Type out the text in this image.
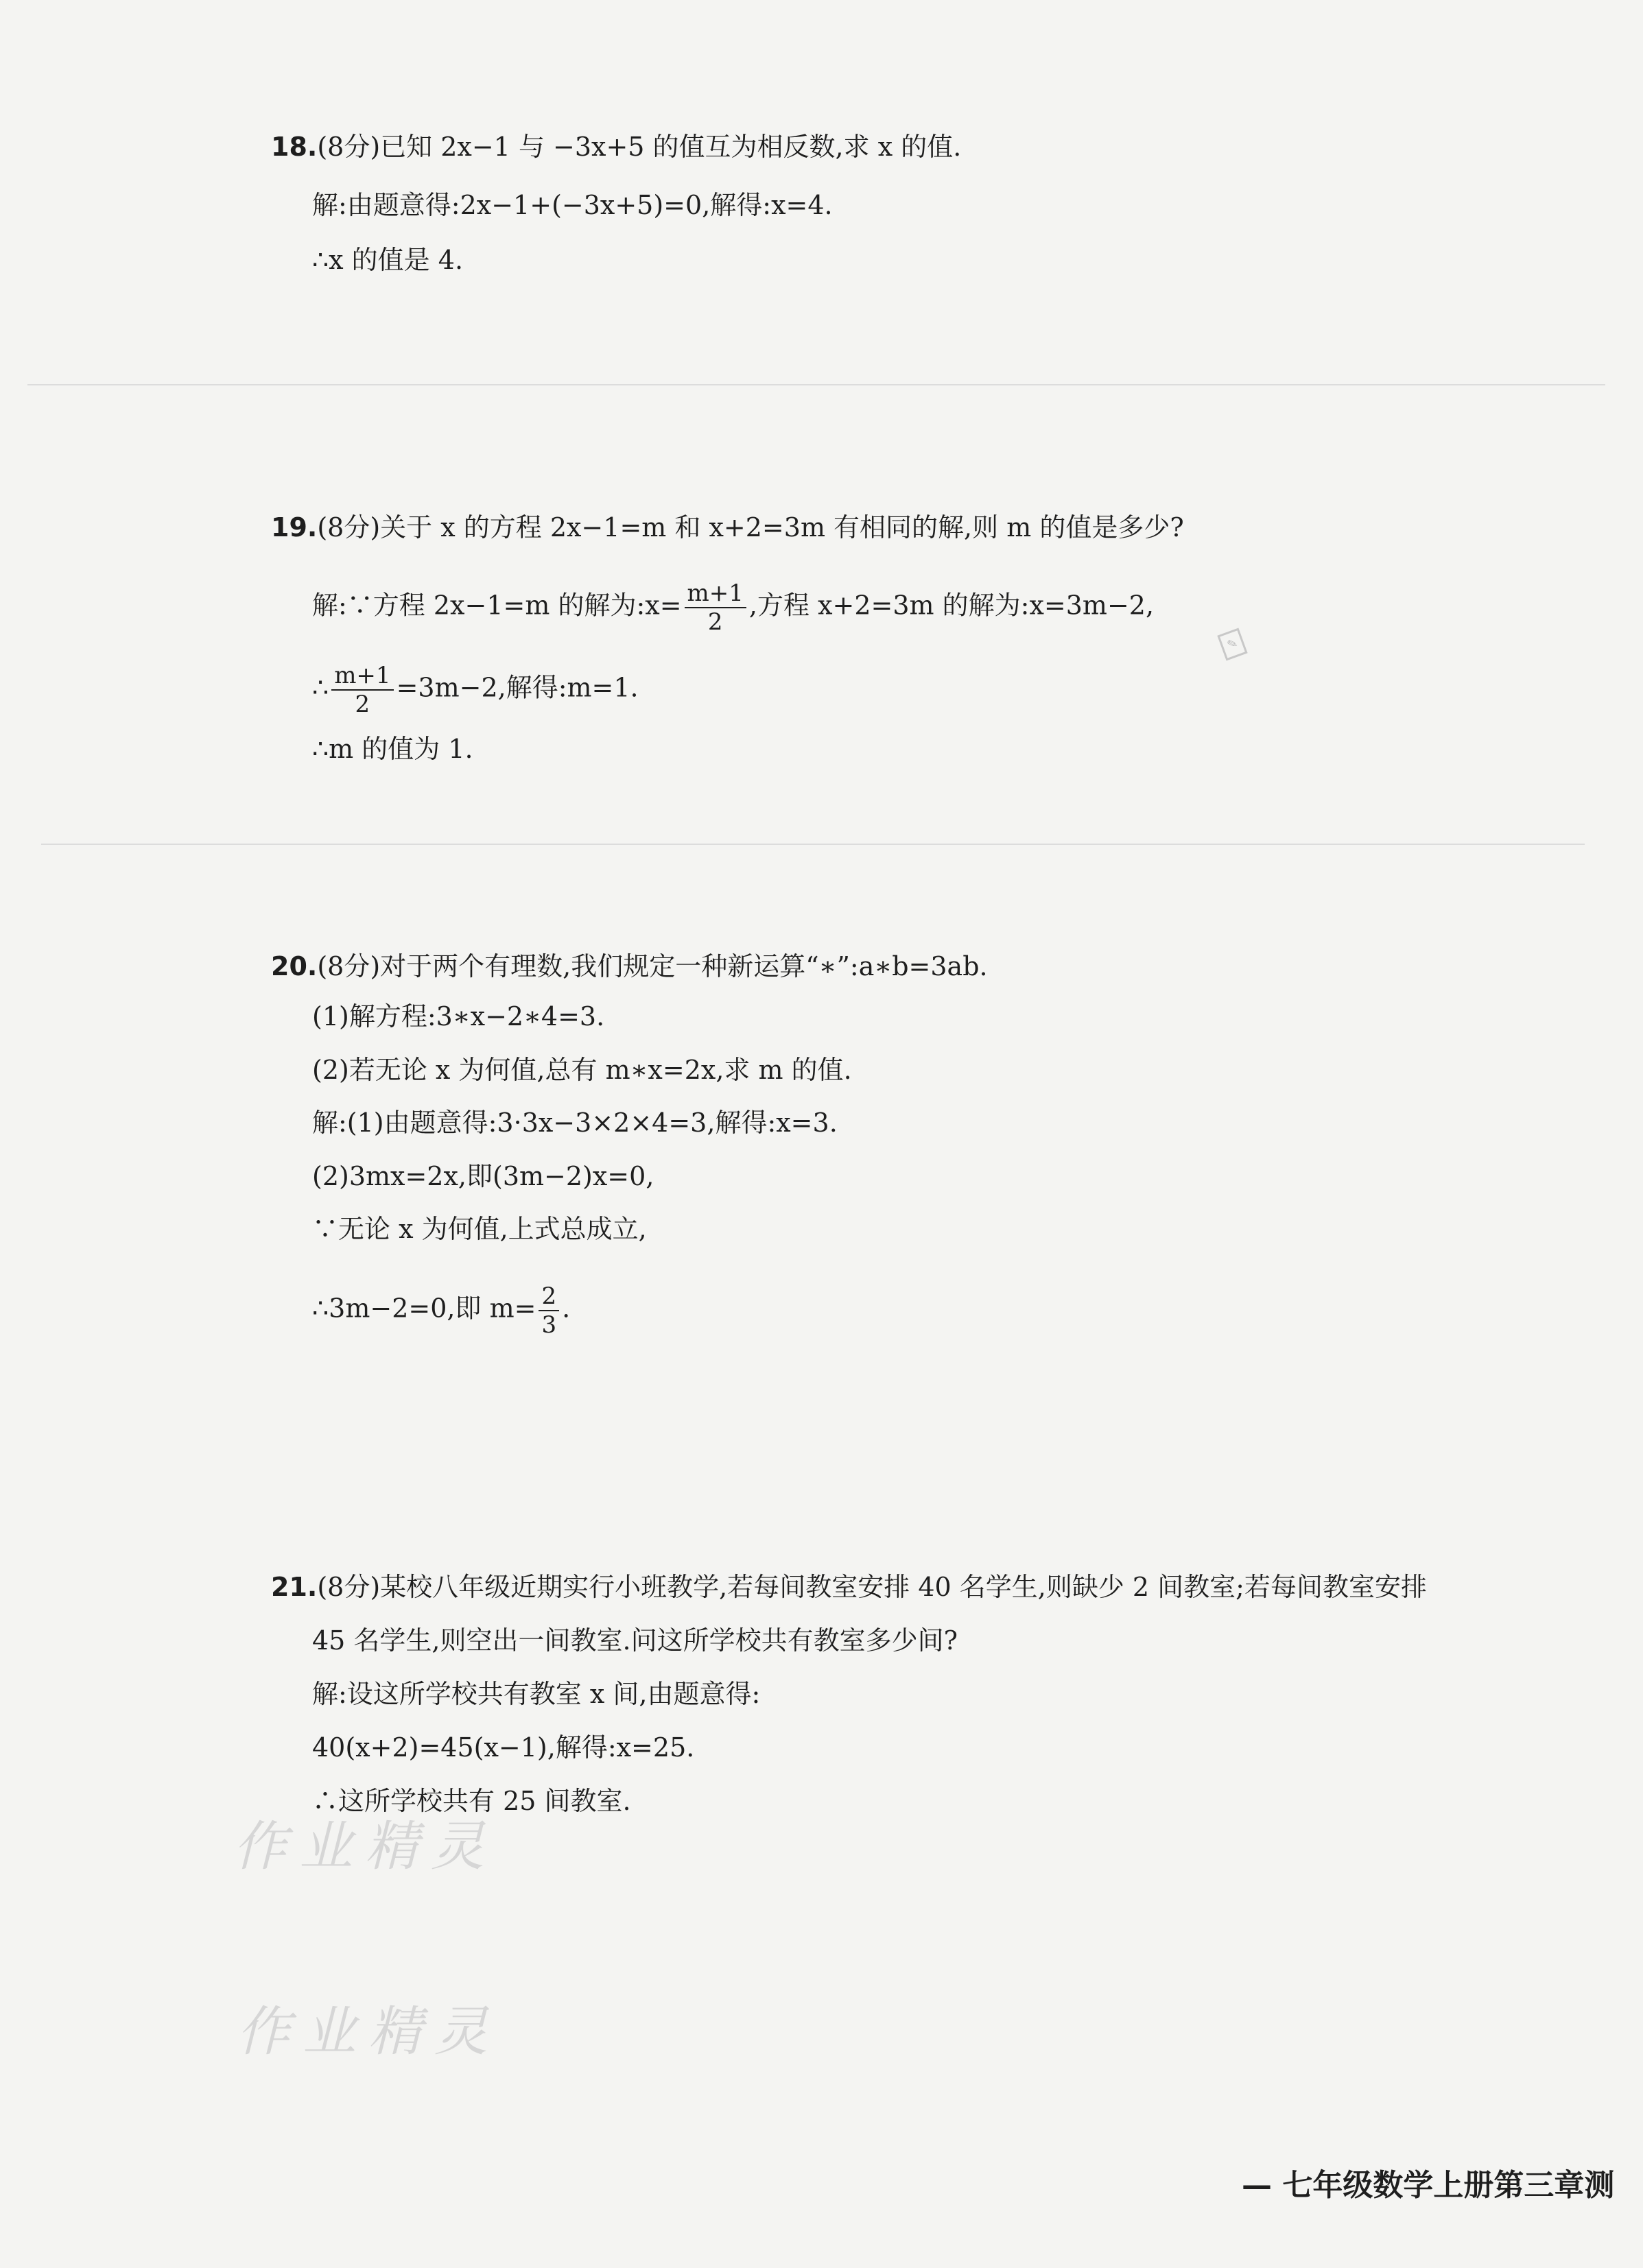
18.(8分)已知 2x−1 与 −3x+5 的值互为相反数,求 x 的值.
解:由题意得:2x−1+(−3x+5)=0,解得:x=4.
∴x 的值是 4.
19.(8分)关于 x 的方程 2x−1=m 和 x+2=3m 有相同的解,则 m 的值是多少?
解:∵方程 2x−1=m 的解为:x= $\frac{m+1}{2}$ ,方程 x+2=3m 的解为:x=3m−2,
∴ $\frac{m+1}{2} =3m-2$,解得:m=1.
∴m 的值为 1.
✎
20.(8分)对于两个有理数,我们规定一种新运算“∗”:a∗b=3ab.
(1)解方程:3∗x−2∗4=3.
(2)若无论 x 为何值,总有 m∗x=2x,求 m 的值.
解:(1)由题意得:3·3x−3×2×4=3,解得:x=3.
(2)3mx=2x,即(3m−2)x=0,
∵无论 x 为何值,上式总成立,
∴3m−2=0,即 $m= \frac{2}{3}$ .
21.(8分)某校八年级近期实行小班教学,若每间教室安排 40 名学生,则缺少 2 间教室;若每间教室安排
45 名学生,则空出一间教室.问这所学校共有教室多少间?
解:设这所学校共有教室 x 间,由题意得:
40(x+2)=45(x−1),解得:x=25.
∴这所学校共有 25 间教室.
作业精灵
作业精灵
— 七年级数学上册第三章测
